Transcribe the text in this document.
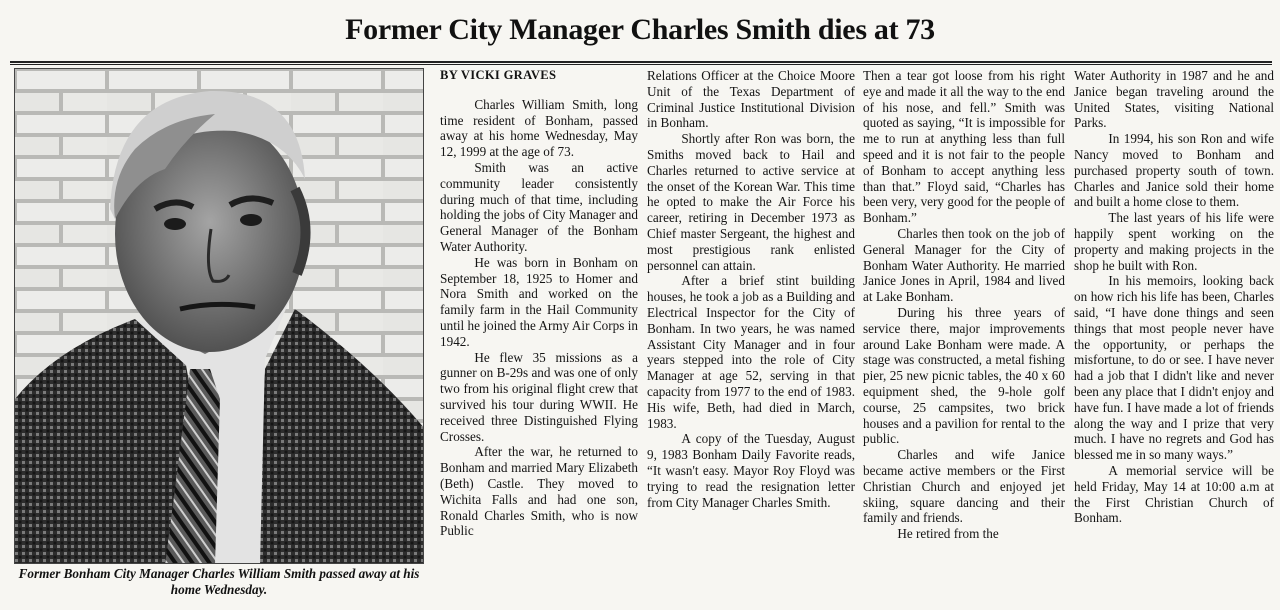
Former City Manager Charles Smith dies at 73
Former Bonham City Manager Charles William Smith passed away at his home Wednesday.
BY VICKI GRAVES

Charles William Smith, long time resident of Bonham, passed away at his home Wednesday, May 12, 1999 at the age of 73.

Smith was an active community leader consistently during much of that time, including holding the jobs of City Manager and General Manager of the Bonham Water Authority.

He was born in Bonham on September 18, 1925 to Homer and Nora Smith and worked on the family farm in the Hail Community until he joined the Army Air Corps in 1942.

He flew 35 missions as a gunner on B-29s and was one of only two from his original flight crew that survived his tour during WWII. He received three Distinguished Flying Crosses.

After the war, he returned to Bonham and married Mary Elizabeth (Beth) Castle. They moved to Wichita Falls and had one son, Ronald Charles Smith, who is now Public

Relations Officer at the Choice Moore Unit of the Texas Department of Criminal Justice Institutional Division in Bonham.

Shortly after Ron was born, the Smiths moved back to Hail and Charles returned to active service at the onset of the Korean War. This time he opted to make the Air Force his career, retiring in December 1973 as Chief master Sergeant, the highest and most prestigious rank enlisted personnel can attain.

After a brief stint building houses, he took a job as a Building and Electrical Inspector for the City of Bonham. In two years, he was named Assistant City Manager and in four years stepped into the role of City Manager at age 52, serving in that capacity from 1977 to the end of 1983. His wife, Beth, had died in March, 1983.

A copy of the Tuesday, August 9, 1983 Bonham Daily Favorite reads, “It wasn't easy. Mayor Roy Floyd was trying to read the resignation letter from City Manager Charles Smith.

Then a tear got loose from his right eye and made it all the way to the end of his nose, and fell.” Smith was quoted as saying, “It is impossible for me to run at anything less than full speed and it is not fair to the people of Bonham to accept anything less than that.” Floyd said, “Charles has been very, very good for the people of Bonham.”

Charles then took on the job of General Manager for the City of Bonham Water Authority. He married Janice Jones in April, 1984 and lived at Lake Bonham.

During his three years of service there, major improvements around Lake Bonham were made. A stage was constructed, a metal fishing pier, 25 new picnic tables, the 40 x 60 equipment shed, the 9-hole golf course, 25 campsites, two brick houses and a pavilion for rental to the public.

Charles and wife Janice became active members or the First Christian Church and enjoyed jet skiing, square dancing and their family and friends.

He retired from the

Water Authority in 1987 and he and Janice began traveling around the United States, visiting National Parks.

In 1994, his son Ron and wife Nancy moved to Bonham and purchased property south of town. Charles and Janice sold their home and built a home close to them.

The last years of his life were happily spent working on the property and making projects in the shop he built with Ron.

In his memoirs, looking back on how rich his life has been, Charles said, “I have done things and seen things that most people never have the opportunity, or perhaps the misfortune, to do or see. I have never had a job that I didn't like and never been any place that I didn't enjoy and have fun. I have made a lot of friends along the way and I prize that very much. I have no regrets and God has blessed me in so many ways.”

A memorial service will be held Friday, May 14 at 10:00 a.m at the First Christian Church of Bonham.
